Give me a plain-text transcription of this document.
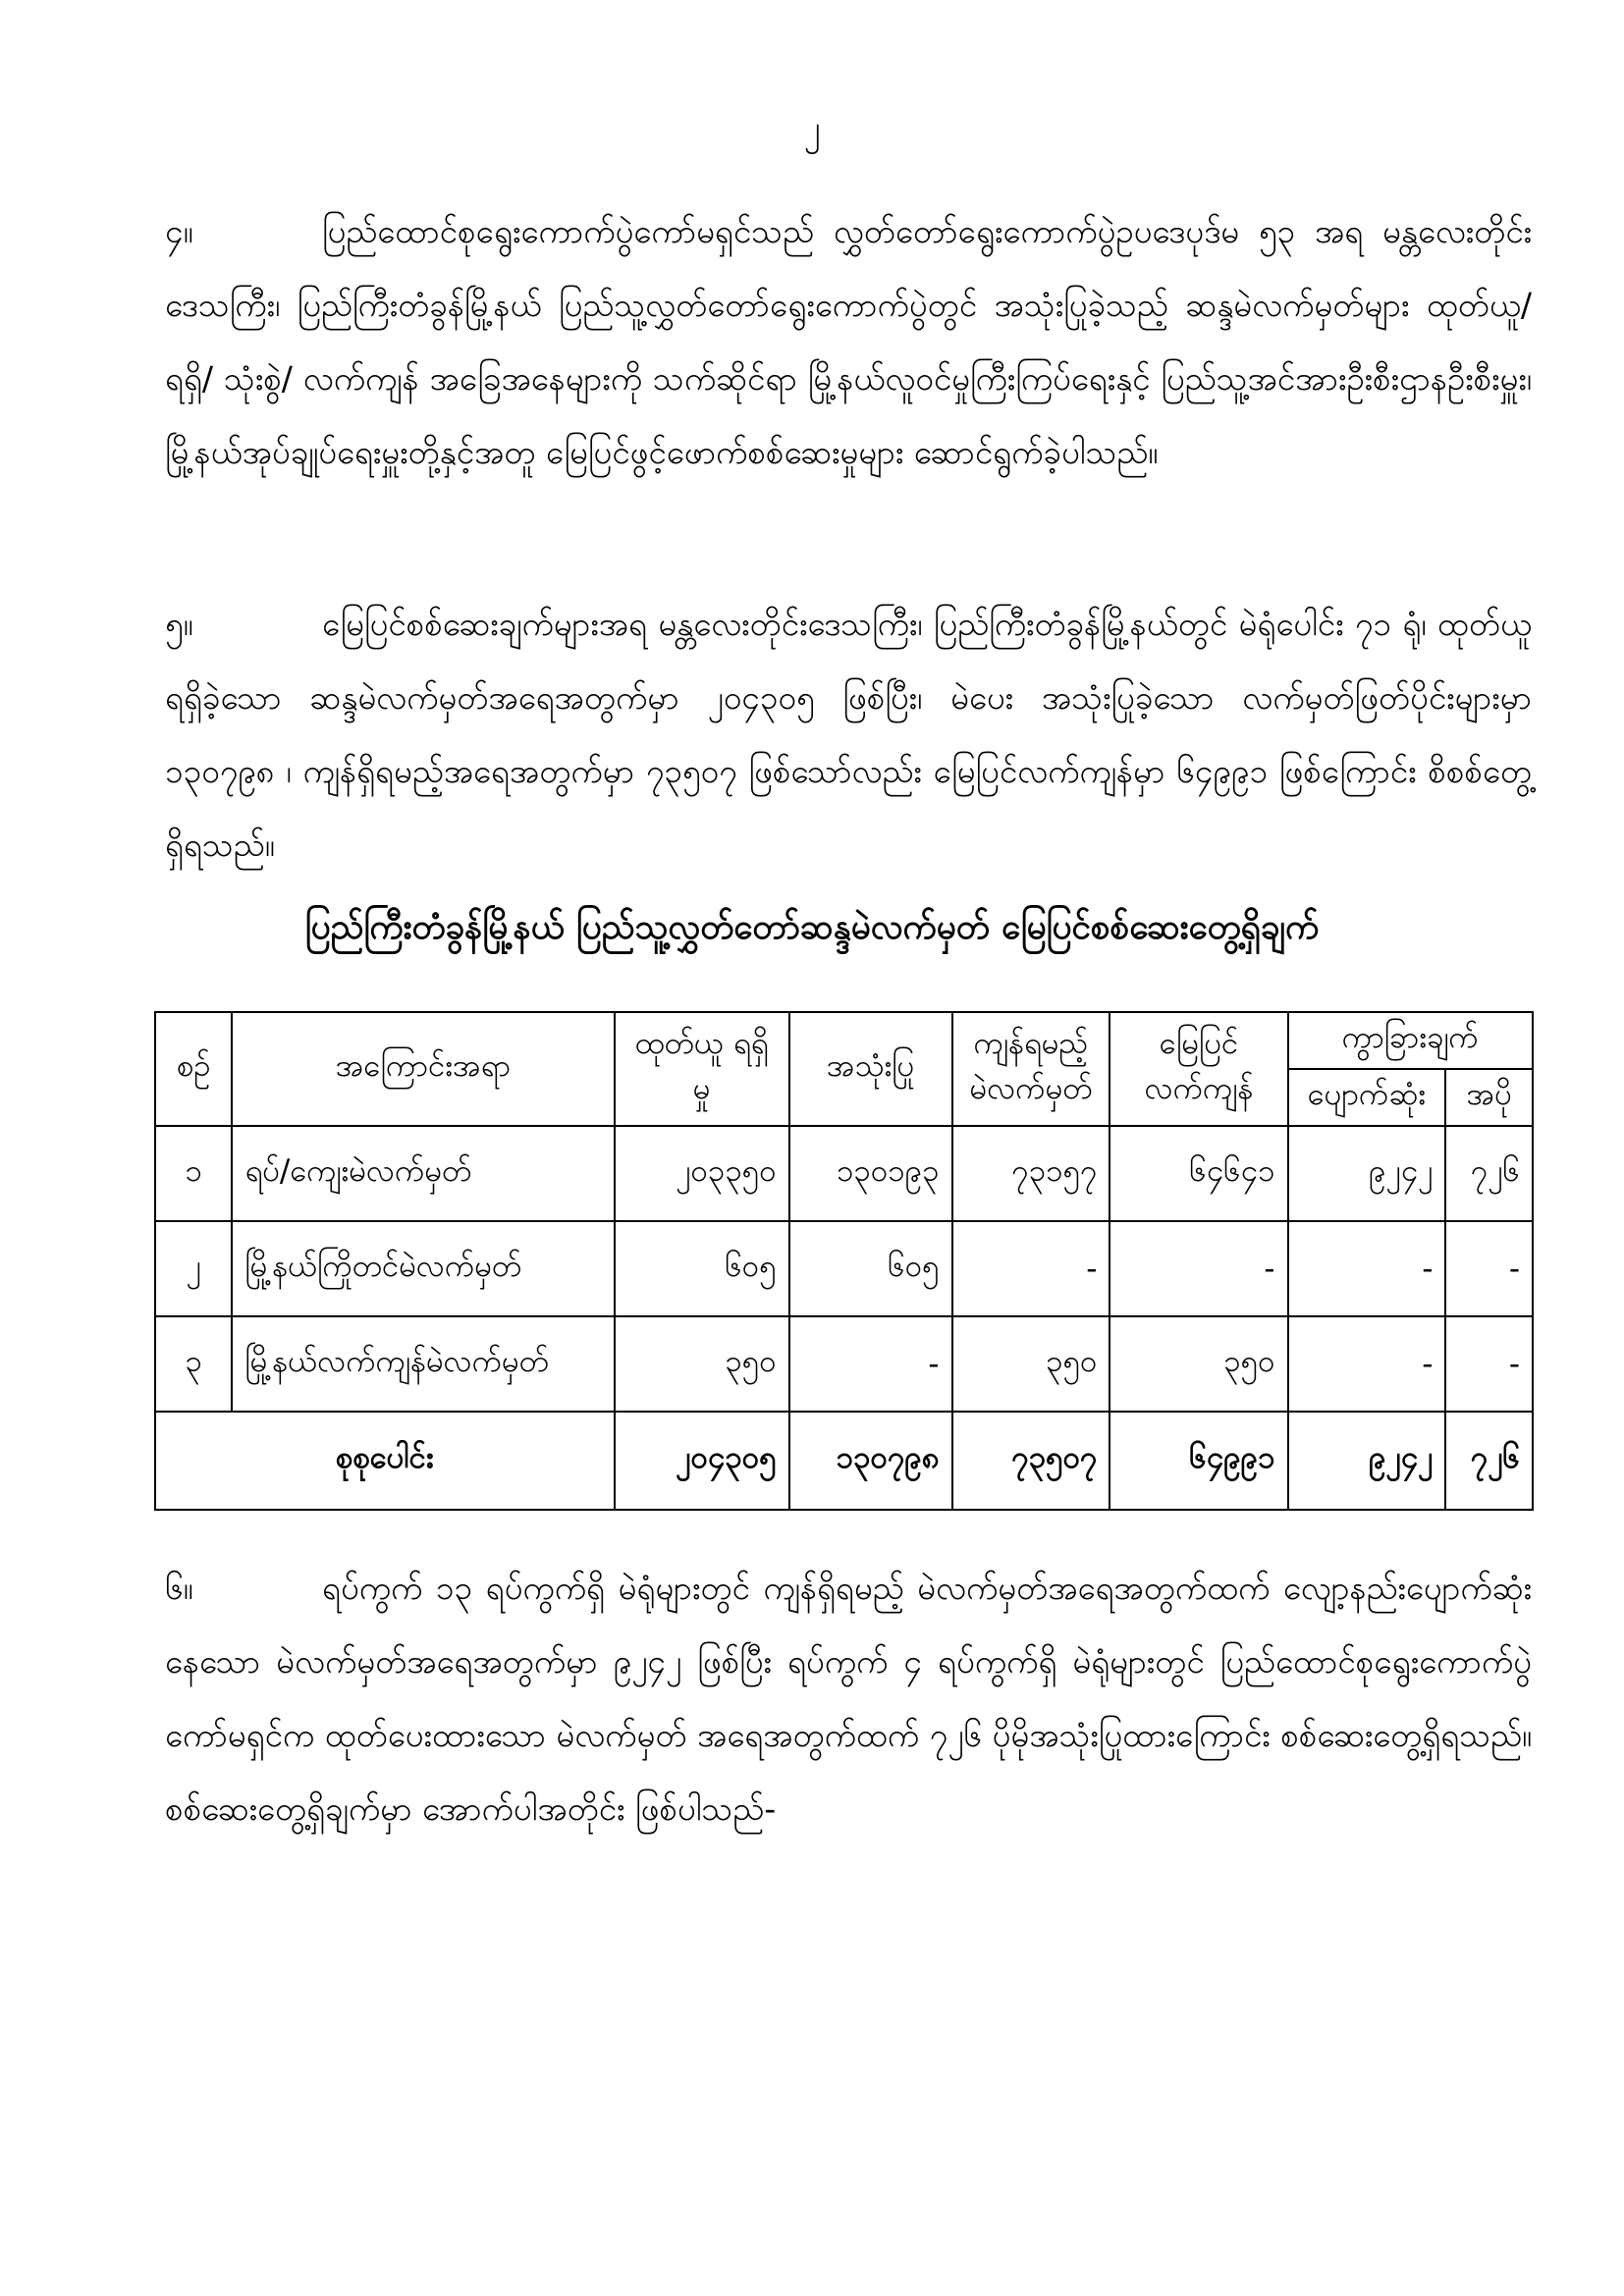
၂
၄။	ပြည်ထောင်စုရွေးကောက်ပွဲကော်မရှင်သည် လွှတ်တော်ရွေးကောက်ပွဲဥပဒေပုဒ်မ ၅၃ အရ မန္တလေးတိုင်းဒေသကြီး၊ ပြည်ကြီးတံခွန်မြို့နယ် ပြည်သူ့လွှတ်တော်ရွေးကောက်ပွဲတွင် အသုံးပြုခဲ့သည့် ဆန္ဒမဲလက်မှတ်များ ထုတ်ယူ/ ရရှိ/ သုံးစွဲ/ လက်ကျန် အခြေအနေများကို သက်ဆိုင်ရာ မြို့နယ်လူဝင်မှုကြီးကြပ်ရေးနှင့် ပြည်သူ့အင်အားဦးစီးဌာနဦးစီးမှူး၊ မြို့နယ်အုပ်ချုပ်ရေးမှူးတို့နှင့်အတူ မြေပြင်ဖွင့်ဖောက်စစ်ဆေးမှုများ ဆောင်ရွက်ခဲ့ပါသည်။
၅။	မြေပြင်စစ်ဆေးချက်များအရ မန္တလေးတိုင်းဒေသကြီး၊ ပြည်ကြီးတံခွန်မြို့နယ်တွင် မဲရုံပေါင်း ၇၁ ရုံ၊ ထုတ်ယူရရှိခဲ့သော ဆန္ဒမဲလက်မှတ်အရေအတွက်မှာ ၂၀၄၃၀၅ ဖြစ်ပြီး၊ မဲပေး အသုံးပြုခဲ့သော လက်မှတ်ဖြတ်ပိုင်းများမှာ ၁၃၀၇၉၈ ၊ ကျန်ရှိရမည့်အရေအတွက်မှာ ၇၃၅၀၇ ဖြစ်သော်လည်း မြေပြင်လက်ကျန်မှာ ၆၄၉၉၁ ဖြစ်ကြောင်း စိစစ်တွေ့ရှိရသည်။
ပြည်ကြီးတံခွန်မြို့နယ် ပြည်သူ့လွှတ်တော်ဆန္ဒမဲလက်မှတ် မြေပြင်စစ်ဆေးတွေ့ရှိချက်
စဉ်	အကြောင်းအရာ	ထုတ်ယူ ရရှိမှု	အသုံးပြု	ကျန်ရမည့် မဲလက်မှတ်	မြေပြင် လက်ကျန်	ကွာခြားချက်	
						ပျောက်ဆုံး	အပို
၁	ရပ်/ကျေးမဲလက်မှတ်	၂၀၃၃၅၀	၁၃၀၁၉၃	၇၃၁၅၇	၆၄၆၄၁	၉၂၄၂	၇၂၆
၂	မြို့နယ်ကြိုတင်မဲလက်မှတ်	၆၀၅	၆၀၅	-	-	-	-
၃	မြို့နယ်လက်ကျန်မဲလက်မှတ်	၃၅၀	-	၃၅၀	၃၅၀	-	-
စုစုပေါင်း		၂၀၄၃၀၅	၁၃၀၇၉၈	၇၃၅၀၇	၆၄၉၉၁	၉၂၄၂	၇၂၆
၆။	ရပ်ကွက် ၁၃ ရပ်ကွက်ရှိ မဲရုံများတွင် ကျန်ရှိရမည့် မဲလက်မှတ်အရေအတွက်ထက် လျော့နည်းပျောက်ဆုံး နေသော မဲလက်မှတ်အရေအတွက်မှာ ၉၂၄၂ ဖြစ်ပြီး ရပ်ကွက် ၄ ရပ်ကွက်ရှိ မဲရုံများတွင် ပြည်ထောင်စုရွေးကောက်ပွဲကော်မရှင်က ထုတ်ပေးထားသော မဲလက်မှတ် အရေအတွက်ထက် ၇၂၆ ပိုမိုအသုံးပြုထားကြောင်း စစ်ဆေးတွေ့ရှိရသည်။ စစ်ဆေးတွေ့ရှိချက်မှာ အောက်ပါအတိုင်း ဖြစ်ပါသည်-
